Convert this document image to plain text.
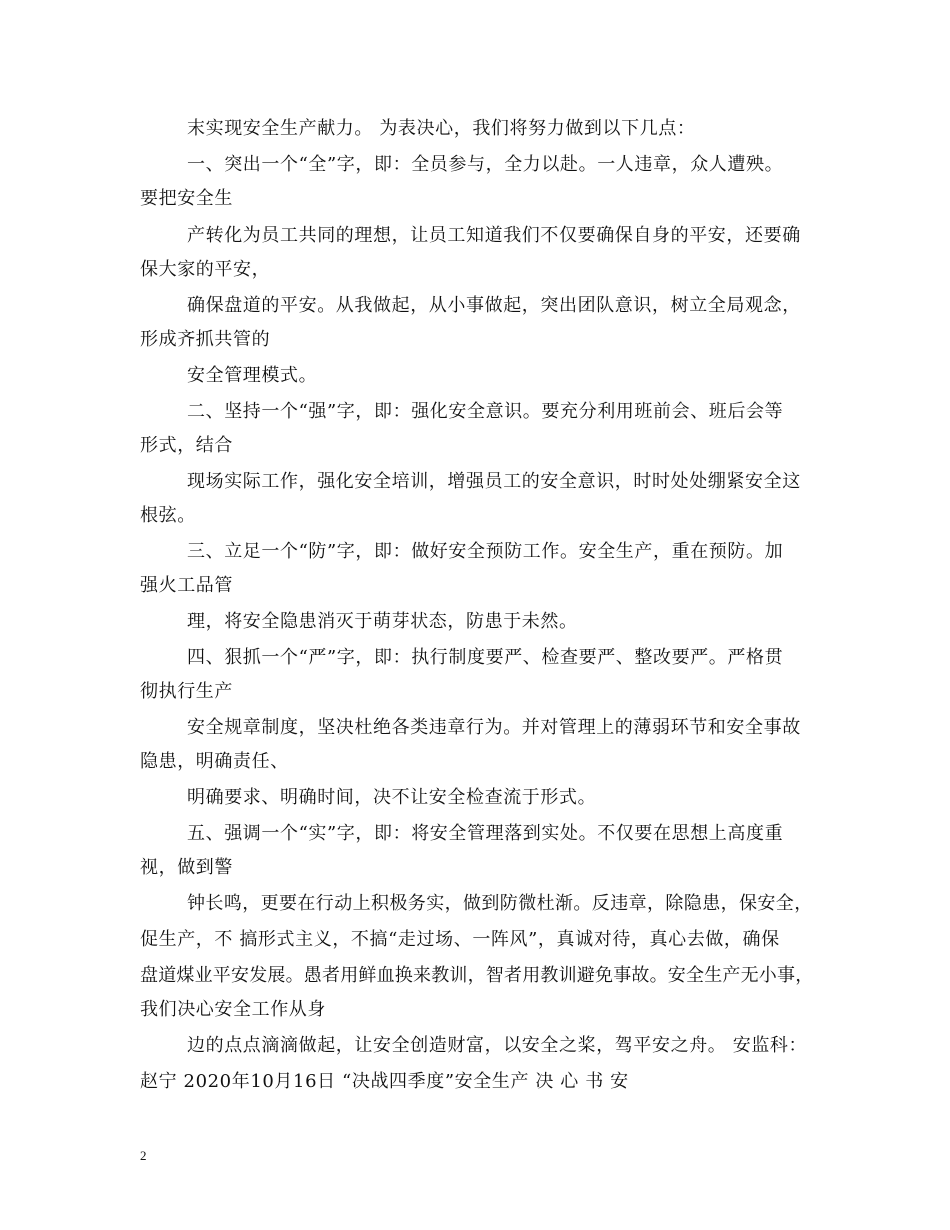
末实现安全生产献力。 为表决心，我们将努力做到以下几点：
一、突出一个“全”字，即：全员参与，全力以赴。一人违章，众人遭殃。
要把安全生
产转化为员工共同的理想，让员工知道我们不仅要确保自身的平安，还要确
保大家的平安，
确保盘道的平安。从我做起，从小事做起，突出团队意识，树立全局观念，
形成齐抓共管的
安全管理模式。
二、坚持一个“强”字，即：强化安全意识。要充分利用班前会、班后会等
形式，结合
现场实际工作，强化安全培训，增强员工的安全意识，时时处处绷紧安全这
根弦。
三、立足一个“防”字，即：做好安全预防工作。安全生产，重在预防。加
强火工品管
理，将安全隐患消灭于萌芽状态，防患于未然。
四、狠抓一个“严”字，即：执行制度要严、检查要严、整改要严。严格贯
彻执行生产
安全规章制度，坚决杜绝各类违章行为。并对管理上的薄弱环节和安全事故
隐患，明确责任、
明确要求、明确时间，决不让安全检查流于形式。
五、强调一个“实”字，即：将安全管理落到实处。不仅要在思想上高度重
视，做到警
钟长鸣，更要在行动上积极务实，做到防微杜渐。反违章，除隐患，保安全，
促生产，不 搞形式主义，不搞“走过场、一阵风”，真诚对待，真心去做，确保
盘道煤业平安发展。愚者用鲜血换来教训，智者用教训避免事故。安全生产无小事，
我们决心安全工作从身
边的点点滴滴做起，让安全创造财富，以安全之桨，驾平安之舟。 安监科：
赵宁 2020年10月16日 “决战四季度”安全生产 决 心 书 安
2
